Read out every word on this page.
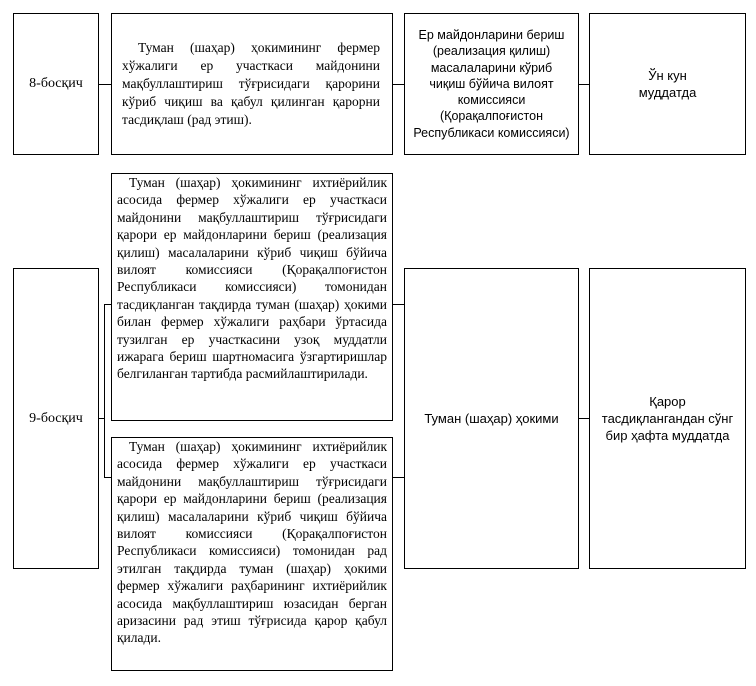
8-босқич
Туман (шаҳар) ҳокимининг фермер хўжалиги ер участкаси майдонини мақбуллаштириш тўғрисидаги қарорини кўриб чиқиш ва қабул қилинган қарорни тасдиқлаш (рад этиш).
Ер майдонларини бериш (реализация қилиш) масалаларини кўриб чиқиш бўйича вилоят комиссияси (Қорақалпоғистон Республикаси комиссияси)
Ўн кун муддатда
9-босқич
Туман (шаҳар) ҳокимининг ихтиёрийлик асосида фермер хўжалиги ер участкаси майдонини мақбуллаштириш тўғрисидаги қарори ер майдонларини бериш (реализация қилиш) масалаларини кўриб чиқиш бўйича вилоят комиссияси (Қорақалпоғистон Республикаси комиссияси) томонидан тасдиқланган тақдирда туман (шаҳар) ҳокими билан фермер хўжалиги раҳбари ўртасида тузилган ер участкасини узоқ муддатли ижарага бериш шартномасига ўзгартиришлар белгиланган тартибда расмийлаштирилади.
Туман (шаҳар) ҳокимининг ихтиёрийлик асосида фермер хўжалиги ер участкаси майдонини мақбуллаштириш тўғрисидаги қарори ер майдонларини бериш (реализация қилиш) масалаларини кўриб чиқиш бўйича вилоят комиссияси (Қорақалпоғистон Республикаси комиссияси) томонидан рад этилган тақдирда туман (шаҳар) ҳокими фермер хўжалиги раҳбарининг ихтиёрийлик асосида мақбуллаштириш юзасидан берган аризасини рад этиш тўғрисида қарор қабул қилади.
Туман (шаҳар) ҳокими
Қарор тасдиқлангандан сўнг бир ҳафта муддатда
